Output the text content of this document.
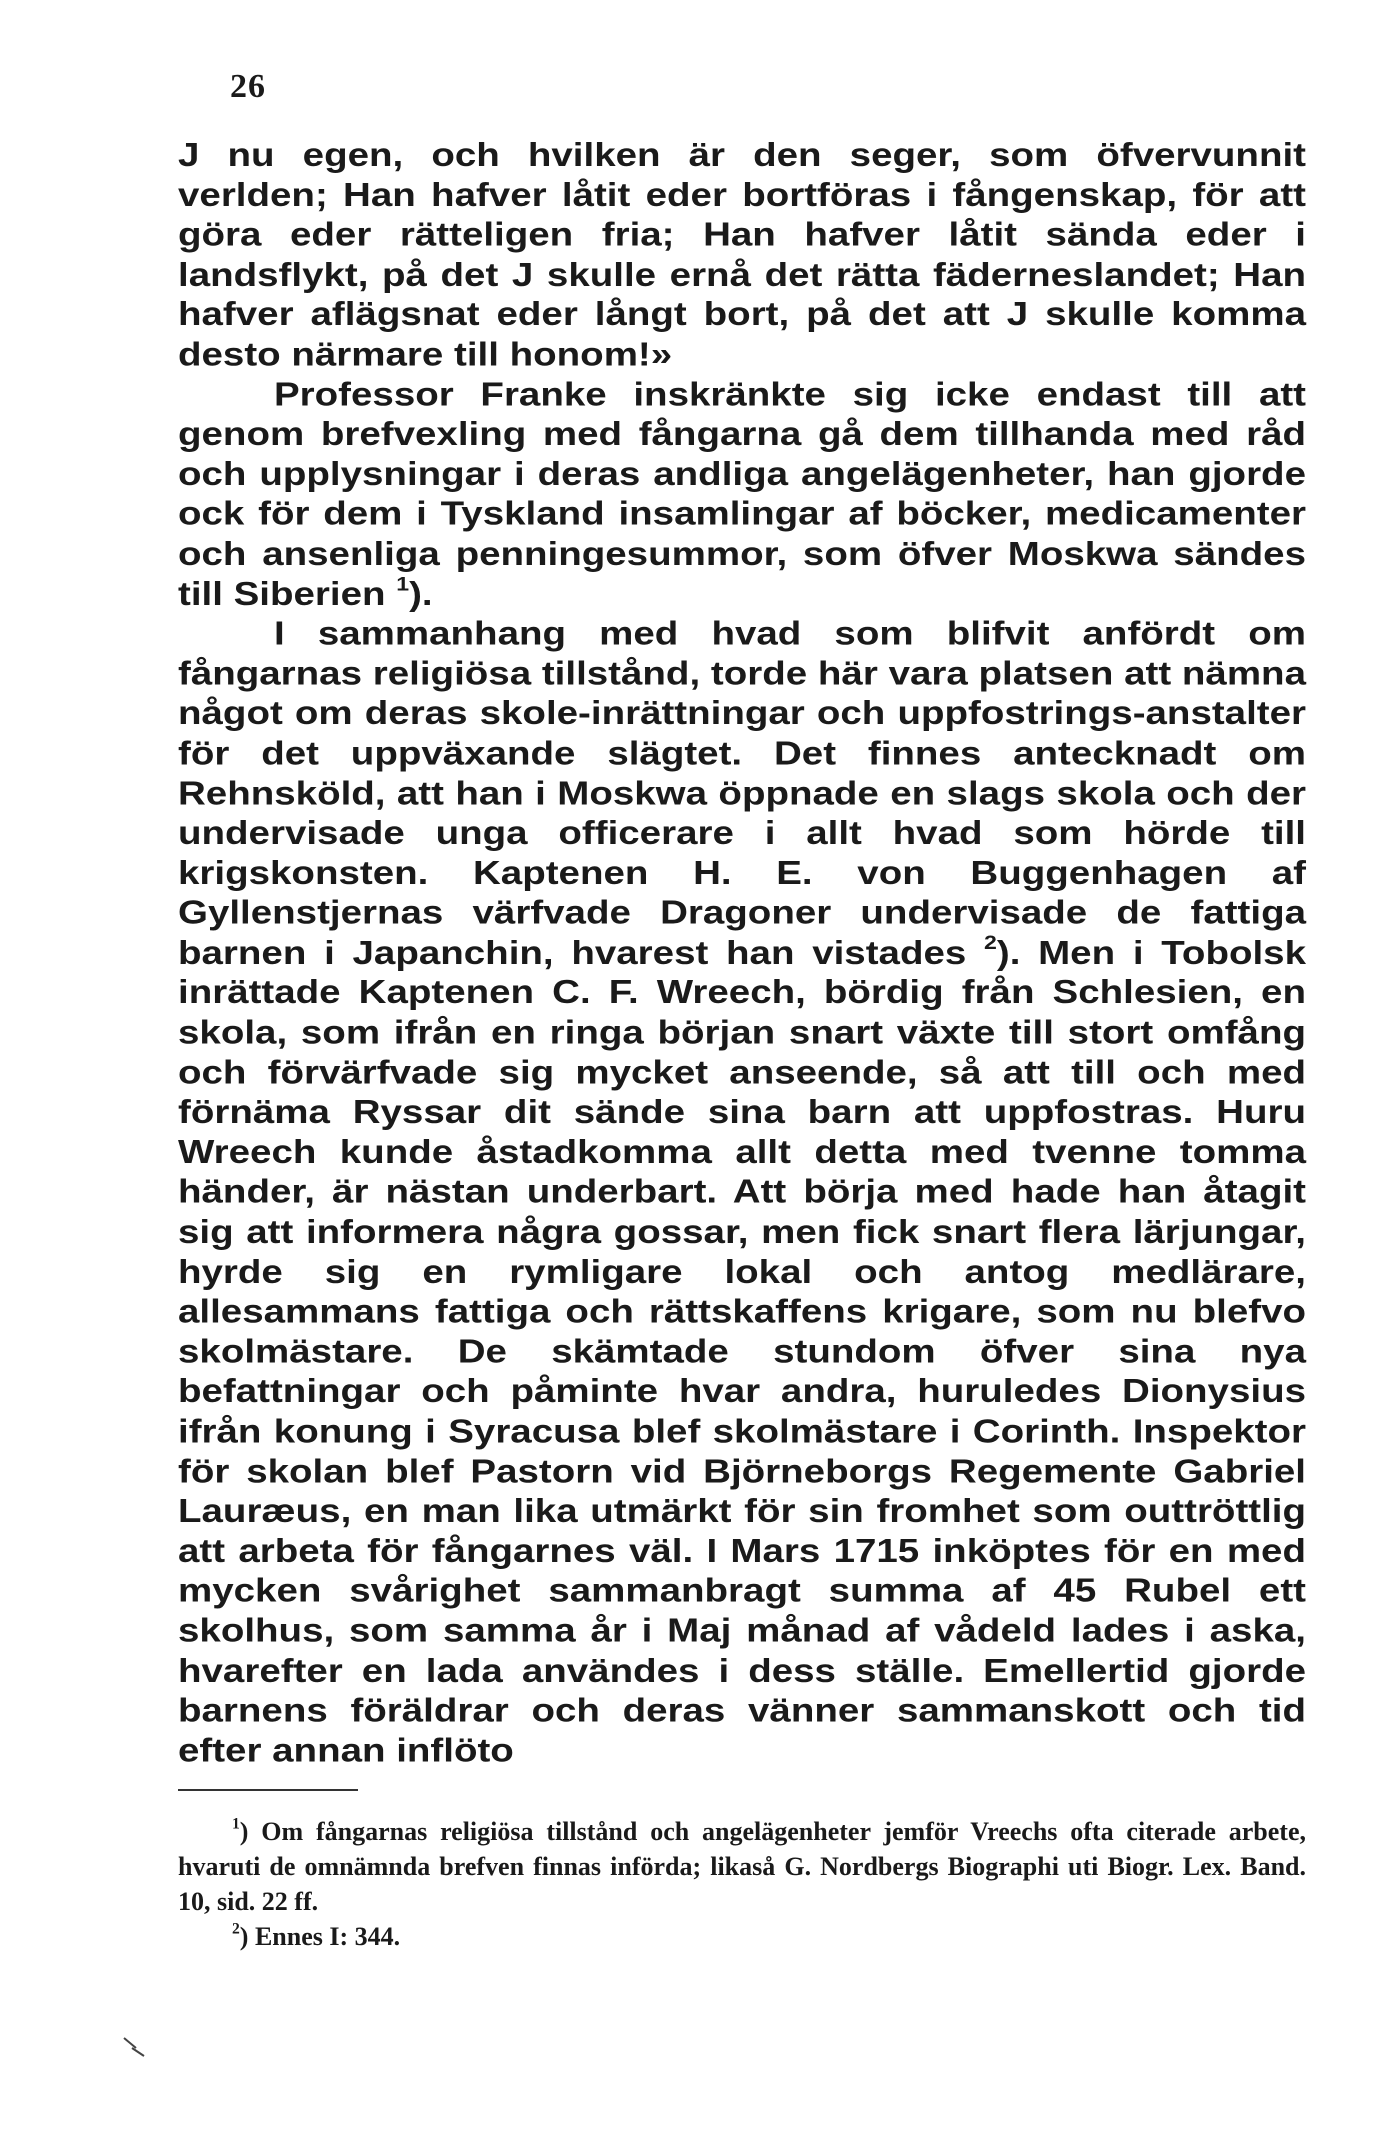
26

J nu egen, och hvilken är den seger, som öfvervunnit verlden; Han hafver låtit eder bortföras i fångenskap, för att göra eder rätteligen fria; Han hafver låtit sända eder i landsflykt, på det J skulle ernå det rätta fäderneslandet; Han hafver aflägsnat eder långt bort, på det att J skulle komma desto närmare till honom!»

Professor Franke inskränkte sig icke endast till att genom brefvexling med fångarna gå dem tillhanda med råd och upplysningar i deras andliga angelägenheter, han gjorde ock för dem i Tyskland insamlingar af böcker, medicamenter och ansenliga penningesummor, som öfver Moskwa sändes till Siberien $^1$).

I sammanhang med hvad som blifvit anfördt om fångarnas religiösa tillstånd, torde här vara platsen att nämna något om deras skole-inrättningar och uppfostrings-anstalter för det uppväxande slägtet. Det finnes antecknadt om Rehnsköld, att han i Moskwa öppnade en slags skola och der undervisade unga officerare i allt hvad som hörde till krigskonsten. Kaptenen H. E. von Buggenhagen af Gyllenstjernas värfvade Dragoner undervisade de fattiga barnen i Japanchin, hvarest han vistades $^2$). Men i Tobolsk inrättade Kaptenen C. F. Wreech, bördig från Schlesien, en skola, som ifrån en ringa början snart växte till stort omfång och förvärfvade sig mycket anseende, så att till och med förnäma Ryssar dit sände sina barn att uppfostras. Huru Wreech kunde åstadkomma allt detta med tvenne tomma händer, är nästan underbart. Att börja med hade han åtagit sig att informera några gossar, men fick snart flera lärjungar, hyrde sig en rymligare lokal och antog medlärare, allesammans fattiga och rättskaffens krigare, som nu blefvo skolmästare. De skämtade stundom öfver sina nya befattningar och påminte hvar andra, huruledes Dionysius ifrån konung i Syracusa blef skolmästare i Corinth. Inspektor för skolan blef Pastorn vid Björneborgs Regemente Gabriel Lauræus, en man lika utmärkt för sin fromhet som outtröttlig att arbeta för fångarnes väl. I Mars 1715 inköptes för en med mycken svårighet sammanbragt summa af 45 Rubel ett skolhus, som samma år i Maj månad af vådeld lades i aska, hvarefter en lada användes i dess ställe. Emellertid gjorde barnens föräldrar och deras vänner sammanskott och tid efter annan inflöto

$^1$) Om fångarnas religiösa tillstånd och angelägenheter jemför Vreechs ofta citerade arbete, hvaruti de omnämnda brefven finnas införda; likaså G. Nordbergs Biographi uti Biogr. Lex. Band. 10, sid. 22 ff.

$^2$) Ennes I: 344.
